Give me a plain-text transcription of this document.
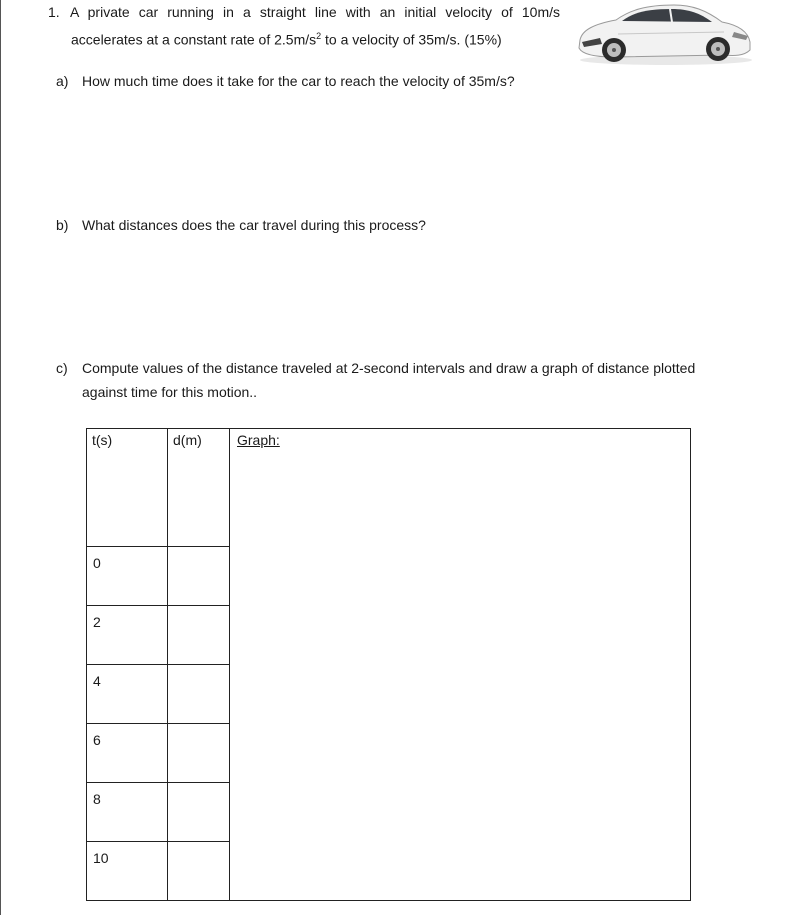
1. A private car running in a straight line with an initial velocity of 10m/s
accelerates at a constant rate of $2.5m/s^2$ to a velocity of 35m/s. (15%)
a) How much time does it take for the car to reach the velocity of 35m/s?
b) What distances does the car travel during this process?
c) Compute values of the distance traveled at 2-second intervals and draw a graph of distance plotted
against time for this motion..
t(s)	d(m)	Graph:

0		

2		

4		

6		

8		

10		
